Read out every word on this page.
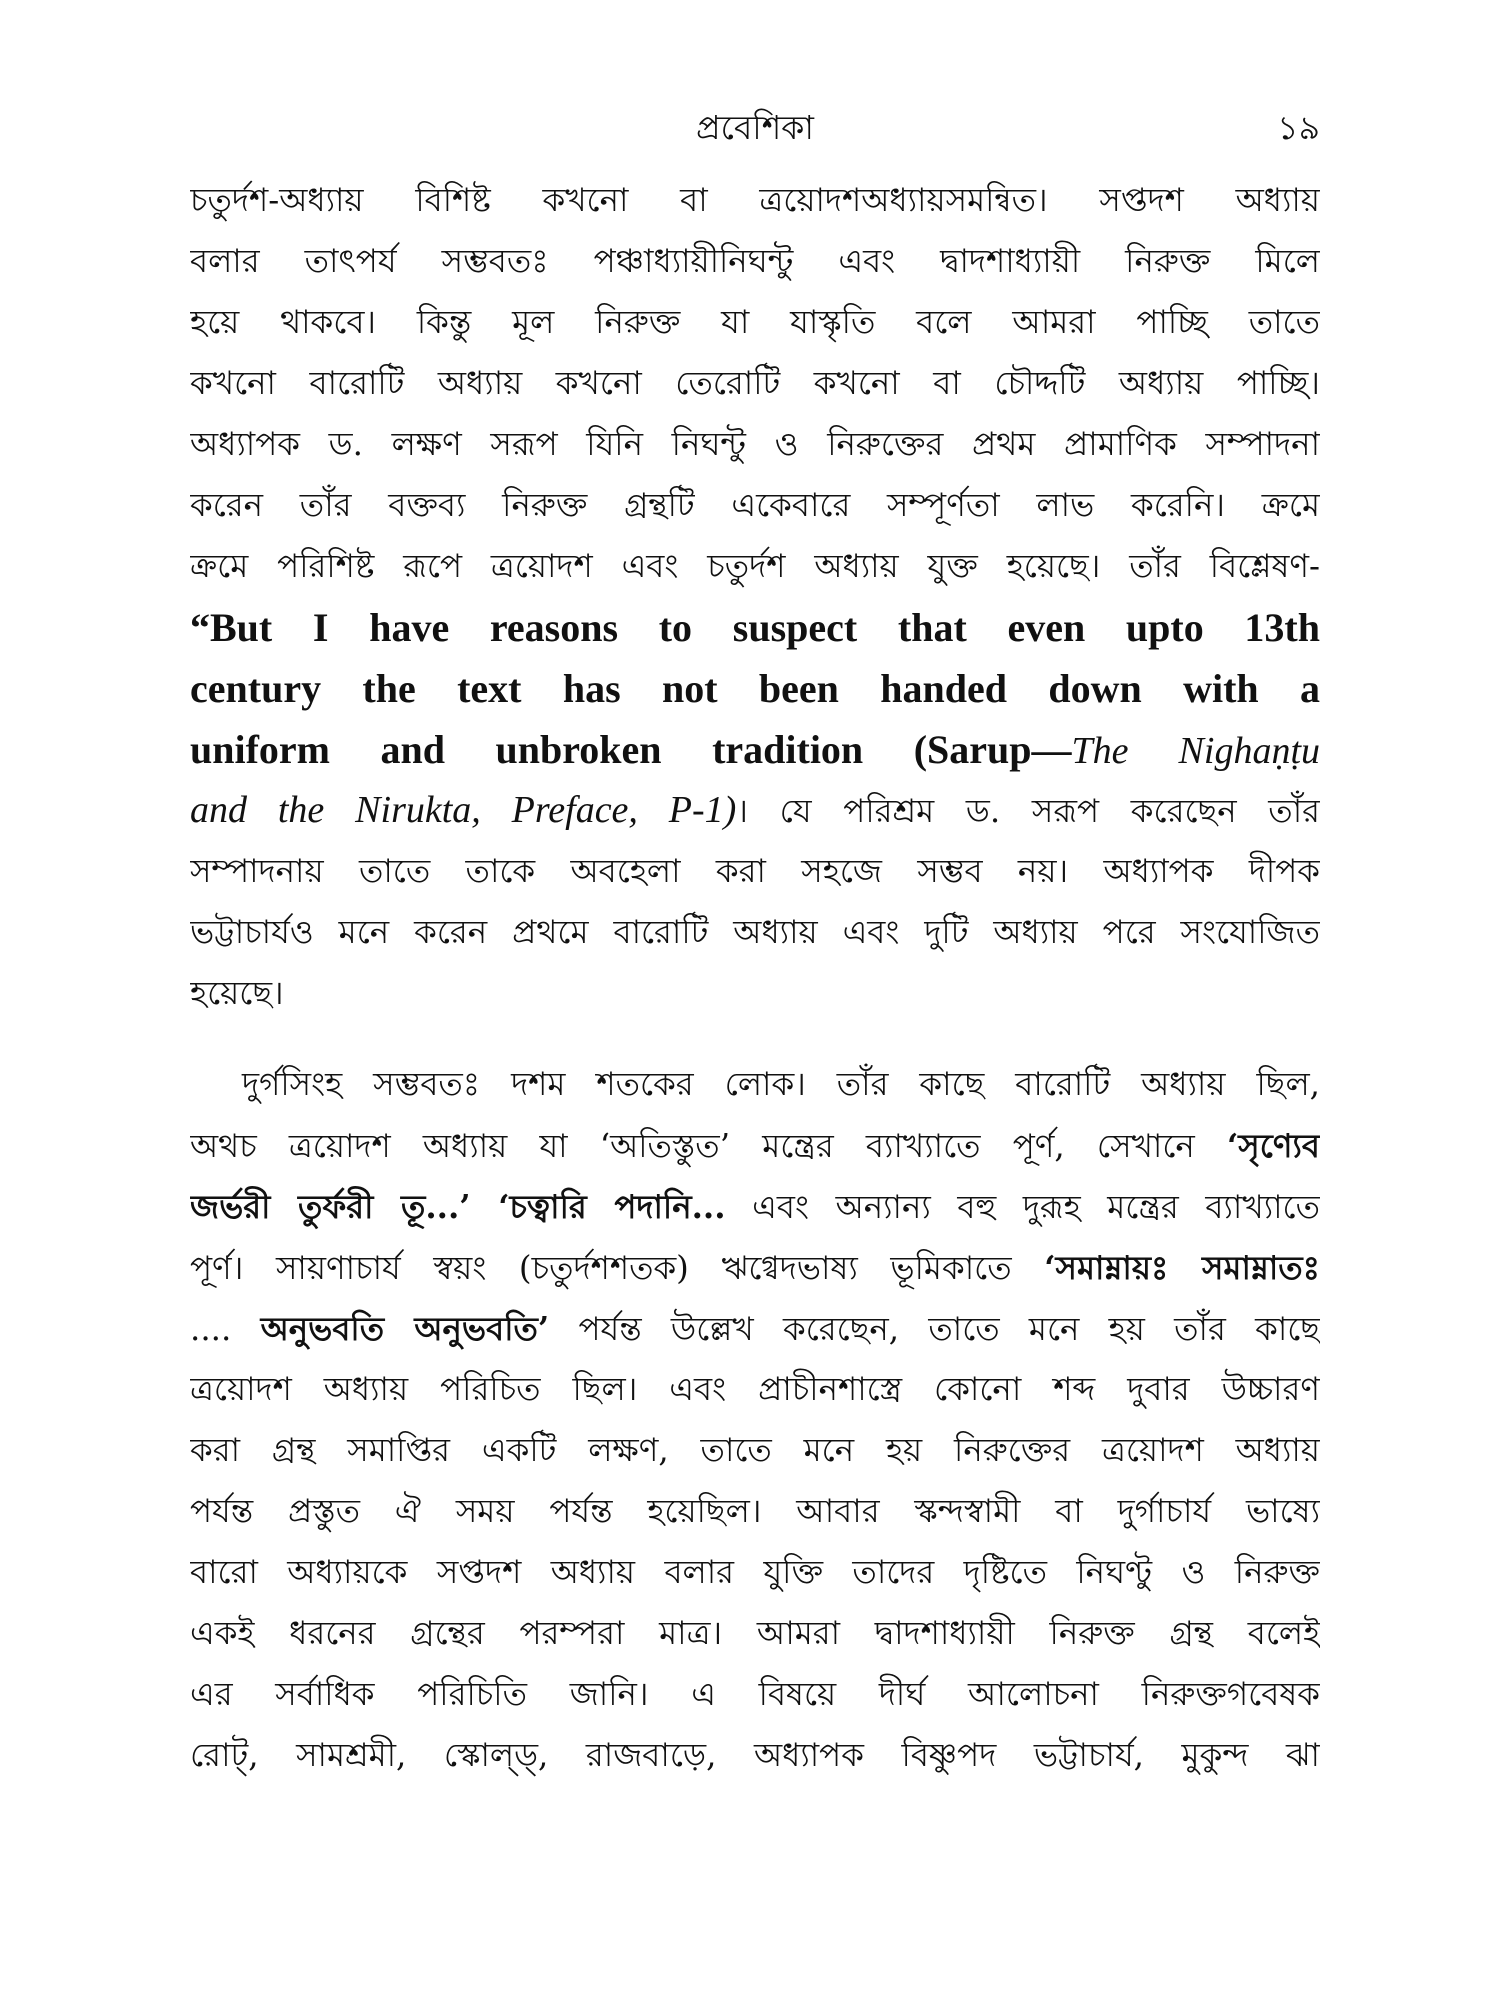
প্রবেশিকা	১৯
চতুর্দশ-অধ্যায় বিশিষ্ট কখনো বা ত্রয়োদশঅধ্যায়সমন্বিত। সপ্তদশ অধ্যায়
বলার তাৎপর্য সম্ভবতঃ পঞ্চাধ্যায়ীনিঘন্টু এবং দ্বাদশাধ্যায়ী নিরুক্ত মিলে
হয়ে থাকবে। কিন্তু মূল নিরুক্ত যা যাস্কৃতি বলে আমরা পাচ্ছি তাতে
কখনো বারোটি অধ্যায় কখনো তেরোটি কখনো বা চৌদ্দটি অধ্যায় পাচ্ছি।
অধ্যাপক ড. লক্ষণ সরূপ যিনি নিঘন্টু ও নিরুক্তের প্রথম প্রামাণিক সম্পাদনা
করেন তাঁর বক্তব্য নিরুক্ত গ্রন্থটি একেবারে সম্পূর্ণতা লাভ করেনি। ক্রমে
ক্রমে পরিশিষ্ট রূপে ত্রয়োদশ এবং চতুর্দশ অধ্যায় যুক্ত হয়েছে। তাঁর বিশ্লেষণ-
“But I have reasons to suspect that even upto 13th
century the text has not been handed down with a
uniform and unbroken tradition (Sarup—The Nighaṇṭu
and the Nirukta, Preface, P-1)। যে পরিশ্রম ড. সরূপ করেছেন তাঁর
সম্পাদনায় তাতে তাকে অবহেলা করা সহজে সম্ভব নয়। অধ্যাপক দীপক
ভট্টাচার্যও মনে করেন প্রথমে বারোটি অধ্যায় এবং দুটি অধ্যায় পরে সংযোজিত
হয়েছে।
দুর্গসিংহ সম্ভবতঃ দশম শতকের লোক। তাঁর কাছে বারোটি অধ্যায় ছিল,
অথচ ত্রয়োদশ অধ্যায় যা ‘অতিস্তুত’ মন্ত্রের ব্যাখ্যাতে পূর্ণ, সেখানে ‘সৃণ্যেব
জর্ভরী তুর্ফরী তূ...’ ‘চত্বারি পদানি... এবং অন্যান্য বহু দুরূহ মন্ত্রের ব্যাখ্যাতে
পূর্ণ। সায়ণাচার্য স্বয়ং (চতুর্দশশতক) ঋগ্বেদভাষ্য ভূমিকাতে ‘সমাম্নায়ঃ সমাম্নাতঃ
.... অনুভবতি অনুভবতি’ পর্যন্ত উল্লেখ করেছেন, তাতে মনে হয় তাঁর কাছে
ত্রয়োদশ অধ্যায় পরিচিত ছিল। এবং প্রাচীনশাস্ত্রে কোনো শব্দ দুবার উচ্চারণ
করা গ্রন্থ সমাপ্তির একটি লক্ষণ, তাতে মনে হয় নিরুক্তের ত্রয়োদশ অধ্যায়
পর্যন্ত প্রস্তুত ঐ সময় পর্যন্ত হয়েছিল। আবার স্কন্দস্বামী বা দুর্গাচার্য ভাষ্যে
বারো অধ্যায়কে সপ্তদশ অধ্যায় বলার যুক্তি তাদের দৃষ্টিতে নিঘণ্টু ও নিরুক্ত
একই ধরনের গ্রন্থের পরম্পরা মাত্র। আমরা দ্বাদশাধ্যায়ী নিরুক্ত গ্রন্থ বলেই
এর সর্বাধিক পরিচিতি জানি। এ বিষয়ে দীর্ঘ আলোচনা নিরুক্তগবেষক
রোট্, সামশ্রমী, স্কোল্ড্, রাজবাড়ে, অধ্যাপক বিষ্ণুপদ ভট্টাচার্য, মুকুন্দ ঝা
